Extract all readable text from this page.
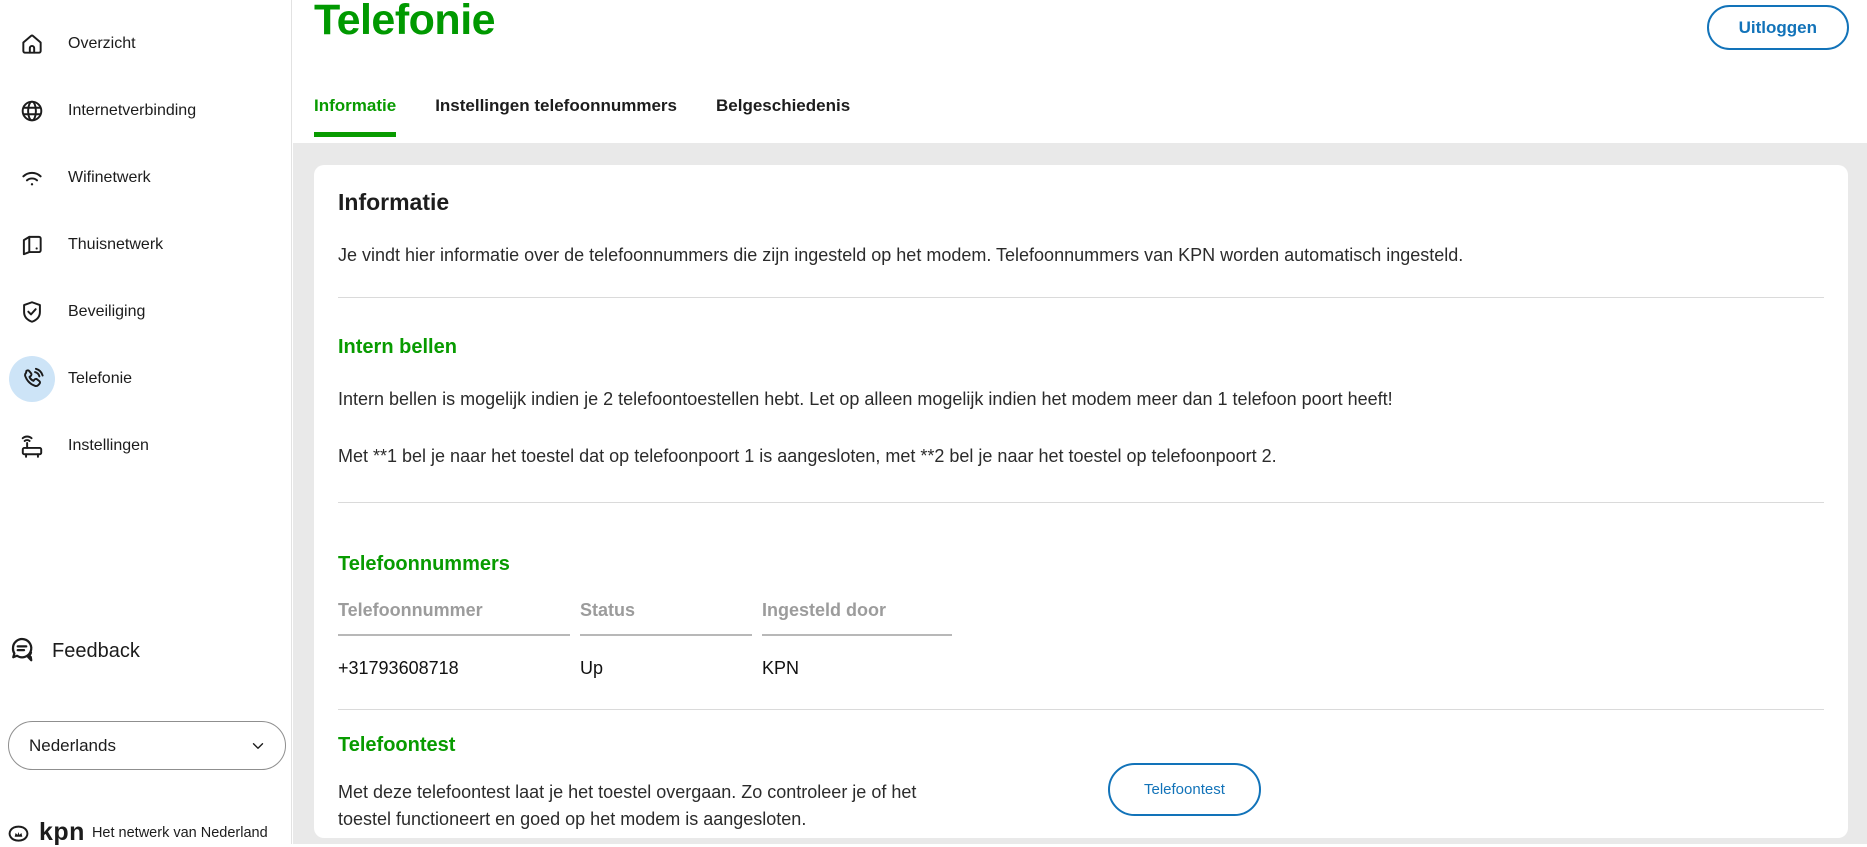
Overzicht
Internetverbinding
Wifinetwerk
Thuisnetwerk
Beveiliging
Telefonie
Instellingen
Feedback
Nederlands
kpn Het netwerk van Nederland
Telefonie	Uitloggen
Informatie Instellingen telefoonnummers Belgeschiedenis
Informatie

Je vindt hier informatie over de telefoonnummers die zijn ingesteld op het modem. Telefoonnummers van KPN worden automatisch ingesteld.

Intern bellen

Intern bellen is mogelijk indien je 2 telefoontoestellen hebt. Let op alleen mogelijk indien het modem meer dan 1 telefoon poort heeft!

Met **1 bel je naar het toestel dat op telefoonpoort 1 is aangesloten, met **2 bel je naar het toestel op telefoonpoort 2.

Telefoonnummers
Telefoonnummer	Status	Ingesteld door
+31793608718	Up	KPN
Telefoontest

Met deze telefoontest laat je het toestel overgaan. Zo controleer je of het toestel functioneert en goed op het modem is aangesloten.

Telefoontest
